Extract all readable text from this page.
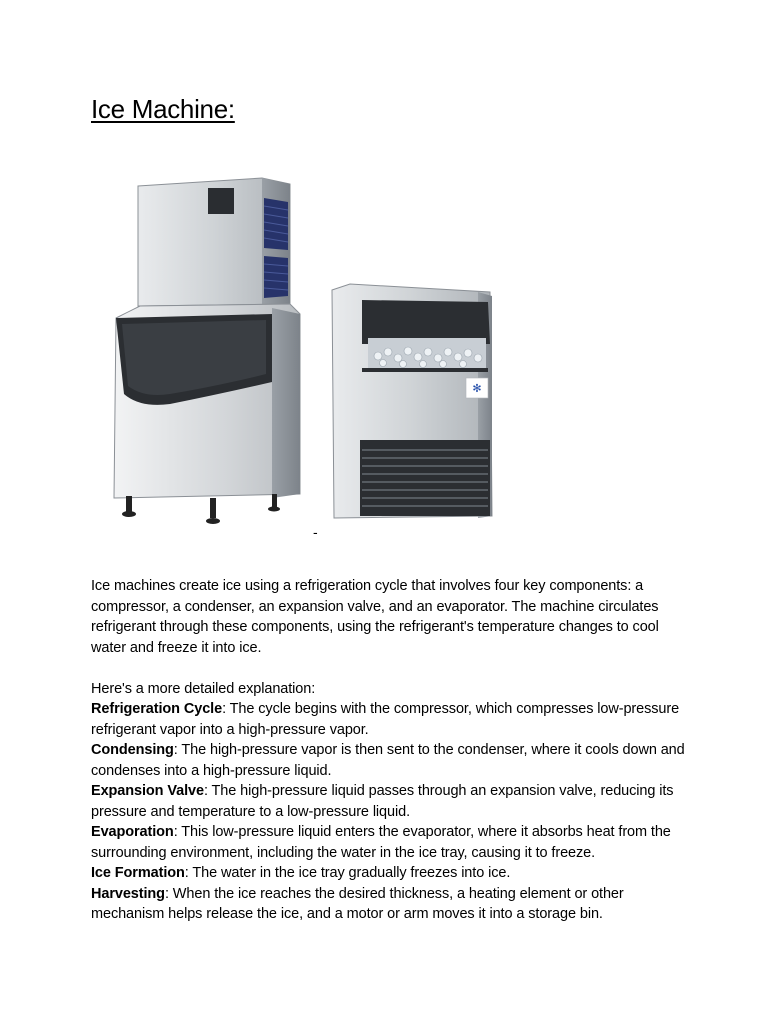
Ice Machine:
✻
-

Ice machines create ice using a refrigeration cycle that involves four key components: a compressor, a condenser, an expansion valve, and an evaporator. The machine circulates refrigerant through these components, using the refrigerant's temperature changes to cool water and freeze it into ice.

Here's a more detailed explanation:

Refrigeration Cycle: The cycle begins with the compressor, which compresses low-pressure refrigerant vapor into a high-pressure vapor.

Condensing: The high-pressure vapor is then sent to the condenser, where it cools down and condenses into a high-pressure liquid.

Expansion Valve: The high-pressure liquid passes through an expansion valve, reducing its pressure and temperature to a low-pressure liquid.

Evaporation: This low-pressure liquid enters the evaporator, where it absorbs heat from the surrounding environment, including the water in the ice tray, causing it to freeze.

Ice Formation: The water in the ice tray gradually freezes into ice.

Harvesting: When the ice reaches the desired thickness, a heating element or other mechanism helps release the ice, and a motor or arm moves it into a storage bin.
